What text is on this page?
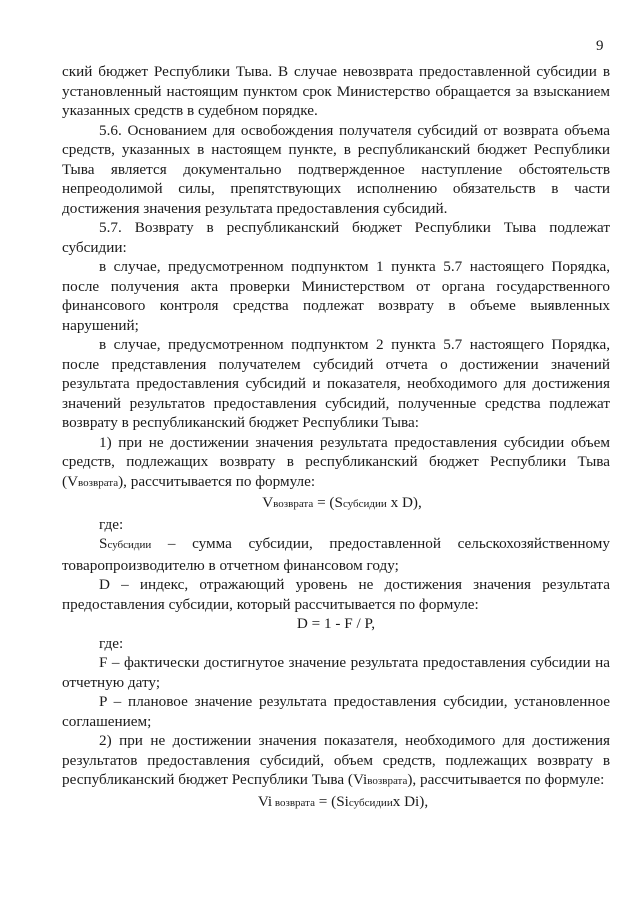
9

ский бюджет Республики Тыва. В случае невозврата предоставленной субсидии в установленный настоящим пунктом срок Министерство обращается за взысканием указанных средств в судебном порядке.

5.6. Основанием для освобождения получателя субсидий от возврата объема средств, указанных в настоящем пункте, в республиканский бюджет Республики Тыва является документально подтвержденное наступление обстоятельств непреодолимой силы, препятствующих исполнению обязательств в части достижения значения результата предоставления субсидий.

5.7. Возврату в республиканский бюджет Республики Тыва подлежат субсидии:

в случае, предусмотренном подпунктом 1 пункта 5.7 настоящего Порядка, после получения акта проверки Министерством от органа государственного финансового контроля средства подлежат возврату в объеме выявленных нарушений;

в случае, предусмотренном подпунктом 2 пункта 5.7 настоящего Порядка, после представления получателем субсидий отчета о достижении значений результата предоставления субсидий и показателя, необходимого для достижения значений результатов предоставления субсидий, полученные средства подлежат возврату в республиканский бюджет Республики Тыва:

1) при не достижении значения результата предоставления субсидии объем средств, подлежащих возврату в республиканский бюджет Республики Тыва (Vвозврата), рассчитывается по формуле:

Vвозврата = (Sсубсидии x D),

где:

Sсубсидии – сумма субсидии, предоставленной сельскохозяйственному товаропроизводителю в отчетном финансовом году;

D – индекс, отражающий уровень не достижения значения результата предоставления субсидии, который рассчитывается по формуле:

D = 1 - F / P,

где:

F – фактически достигнутое значение результата предоставления субсидии на отчетную дату;

P – плановое значение результата предоставления субсидии, установленное соглашением;

2) при не достижении значения показателя, необходимого для достижения результатов предоставления субсидий, объем средств, подлежащих возврату в республиканский бюджет Республики Тыва (Viвозврата), рассчитывается по формуле:

Vi возврата = (Siсубсидииx Di),
